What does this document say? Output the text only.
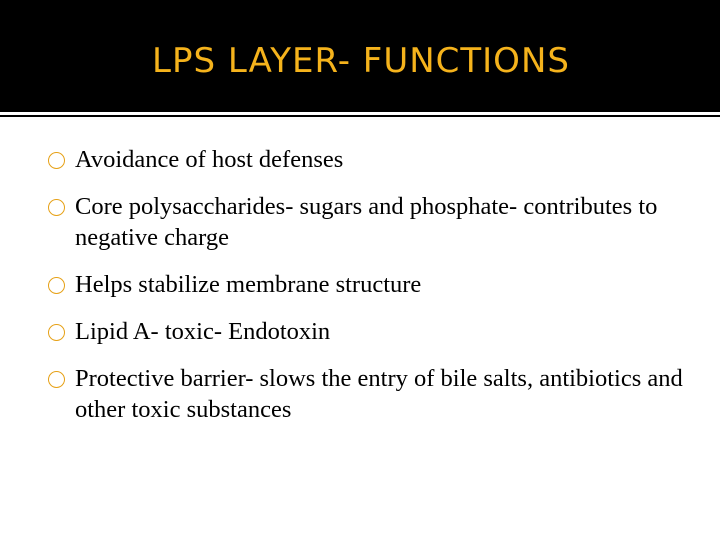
LPS LAYER- FUNCTIONS
Avoidance of host defenses
Core polysaccharides- sugars and phosphate- contributes to negative charge
Helps stabilize membrane structure
Lipid A- toxic- Endotoxin
Protective barrier- slows the entry of bile salts, antibiotics and other toxic substances
